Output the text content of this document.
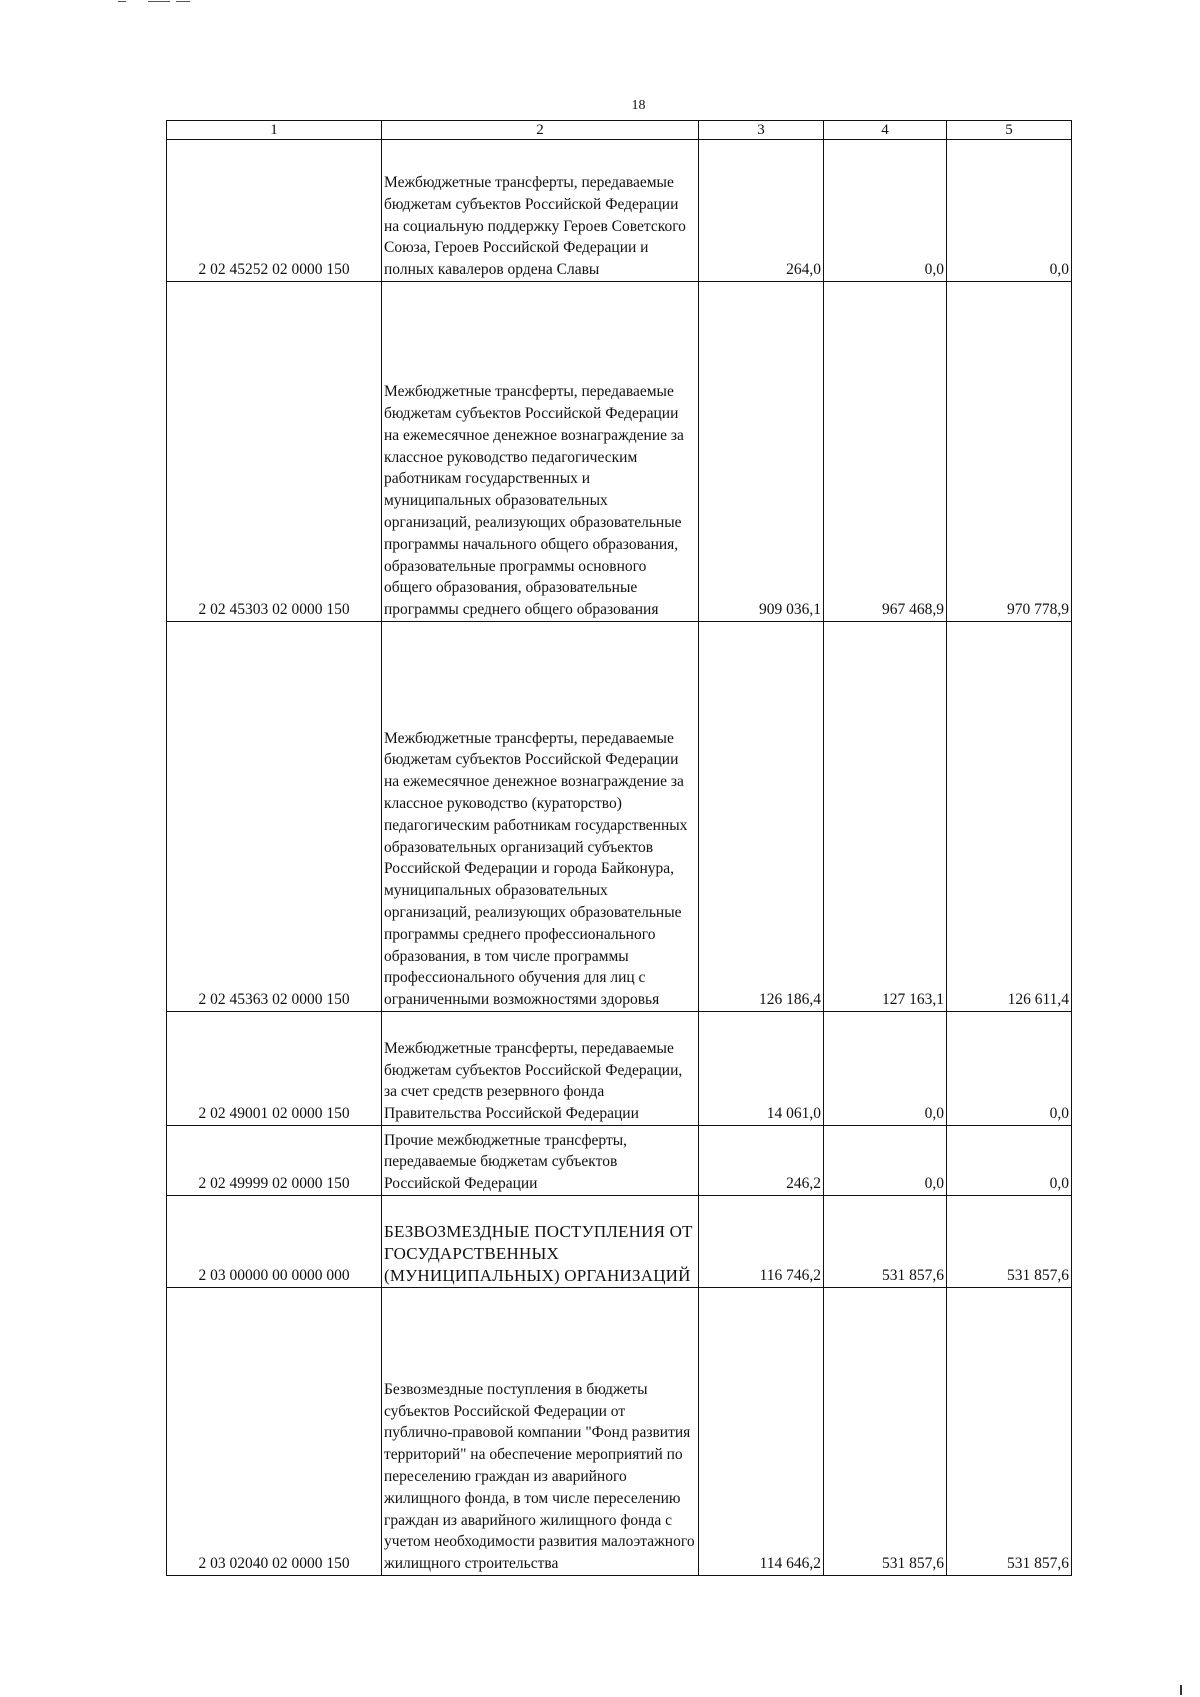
18
1	2	3	4	5
2 02 45252 02 0000 150	Межбюджетные трансферты, передаваемые бюджетам субъектов Российской Федерации на социальную поддержку Героев Советского Союза, Героев Российской Федерации и полных кавалеров ордена Славы	264,0	0,0	0,0
2 02 45303 02 0000 150	Межбюджетные трансферты, передаваемые бюджетам субъектов Российской Федерации на ежемесячное денежное вознаграждение за классное руководство педагогическим работникам государственных и муниципальных образовательных организаций, реализующих образовательные программы начального общего образования, образовательные программы основного общего образования, образовательные программы среднего общего образования	909 036,1	967 468,9	970 778,9
2 02 45363 02 0000 150	Межбюджетные трансферты, передаваемые бюджетам субъектов Российской Федерации на ежемесячное денежное вознаграждение за классное руководство (кураторство) педагогическим работникам государственных образовательных организаций субъектов Российской Федерации и города Байконура, муниципальных образовательных организаций, реализующих образовательные программы среднего профессионального образования, в том числе программы профессионального обучения для лиц с ограниченными возможностями здоровья	126 186,4	127 163,1	126 611,4
2 02 49001 02 0000 150	Межбюджетные трансферты, передаваемые бюджетам субъектов Российской Федерации, за счет средств резервного фонда Правительства Российской Федерации	14 061,0	0,0	0,0
2 02 49999 02 0000 150	Прочие межбюджетные трансферты, передаваемые бюджетам субъектов Российской Федерации	246,2	0,0	0,0
2 03 00000 00 0000 000	БЕЗВОЗМЕЗДНЫЕ ПОСТУПЛЕНИЯ ОТ ГОСУДАРСТВЕННЫХ (МУНИЦИПАЛЬНЫХ) ОРГАНИЗАЦИЙ	116 746,2	531 857,6	531 857,6
2 03 02040 02 0000 150	Безвозмездные поступления в бюджеты субъектов Российской Федерации от публично-правовой компании "Фонд развития территорий" на обеспечение мероприятий по переселению граждан из аварийного жилищного фонда, в том числе переселению граждан из аварийного жилищного фонда с учетом необходимости развития малоэтажного жилищного строительства	114 646,2	531 857,6	531 857,6
